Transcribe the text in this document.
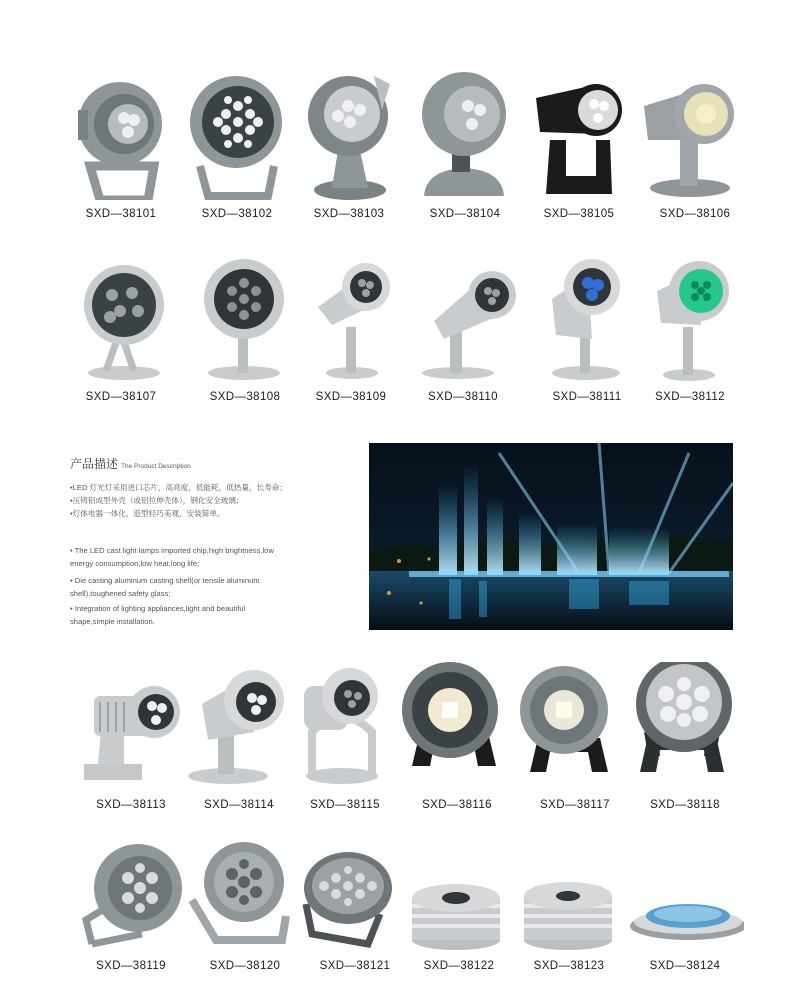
SXD—38101	SXD—38102	SXD—38103	SXD—38104	SXD—38105	SXD—38106
SXD—38107	SXD—38108	SXD—38109	SXD—38110	SXD—38111	SXD—38112
产品描述 The Product Description
•LED 灯光灯采用进口芯片，高亮度，低能耗，低热量，长寿命；
•压铸铝成型外壳（或铝拉伸壳体），钢化安全玻璃；
•灯体电器一体化，造型轻巧美观，安装简单。
• The LED cast light lamps imported chip,high brightness,low
energy consumption,low heat,long life;
• Die casting aluminum casting shell(or tensile aluminum
shell),toughened safety glass;
• Integration of lighting appliances,light and beautiful
shape,simple installation.
SXD—38113	SXD—38114	SXD—38115	SXD—38116	SXD—38117	SXD—38118
SXD—38119	SXD—38120	SXD—38121	SXD—38122	SXD—38123	SXD—38124
